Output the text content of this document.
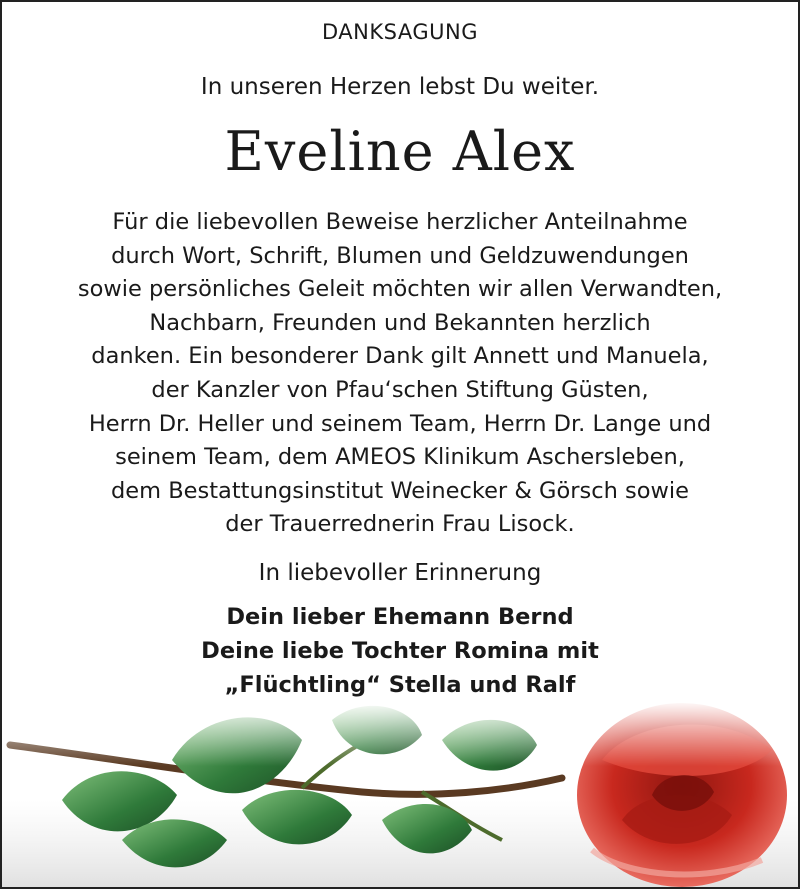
DANKSAGUNG
In unseren Herzen lebst Du weiter.
Eveline Alex
Für die liebevollen Beweise herzlicher Anteilnahme
durch Wort, Schrift, Blumen und Geldzuwendungen
sowie persönliches Geleit möchten wir allen Verwandten,
Nachbarn, Freunden und Bekannten herzlich
danken. Ein besonderer Dank gilt Annett und Manuela,
der Kanzler von Pfau‘schen Stiftung Güsten,
Herrn Dr. Heller und seinem Team, Herrn Dr. Lange und
seinem Team, dem AMEOS Klinikum Aschersleben,
dem Bestattungsinstitut Weinecker & Görsch sowie
der Trauerrednerin Frau Lisock.
In liebevoller Erinnerung
Dein lieber Ehemann Bernd
Deine liebe Tochter Romina mit
„Flüchtling“ Stella und Ralf
